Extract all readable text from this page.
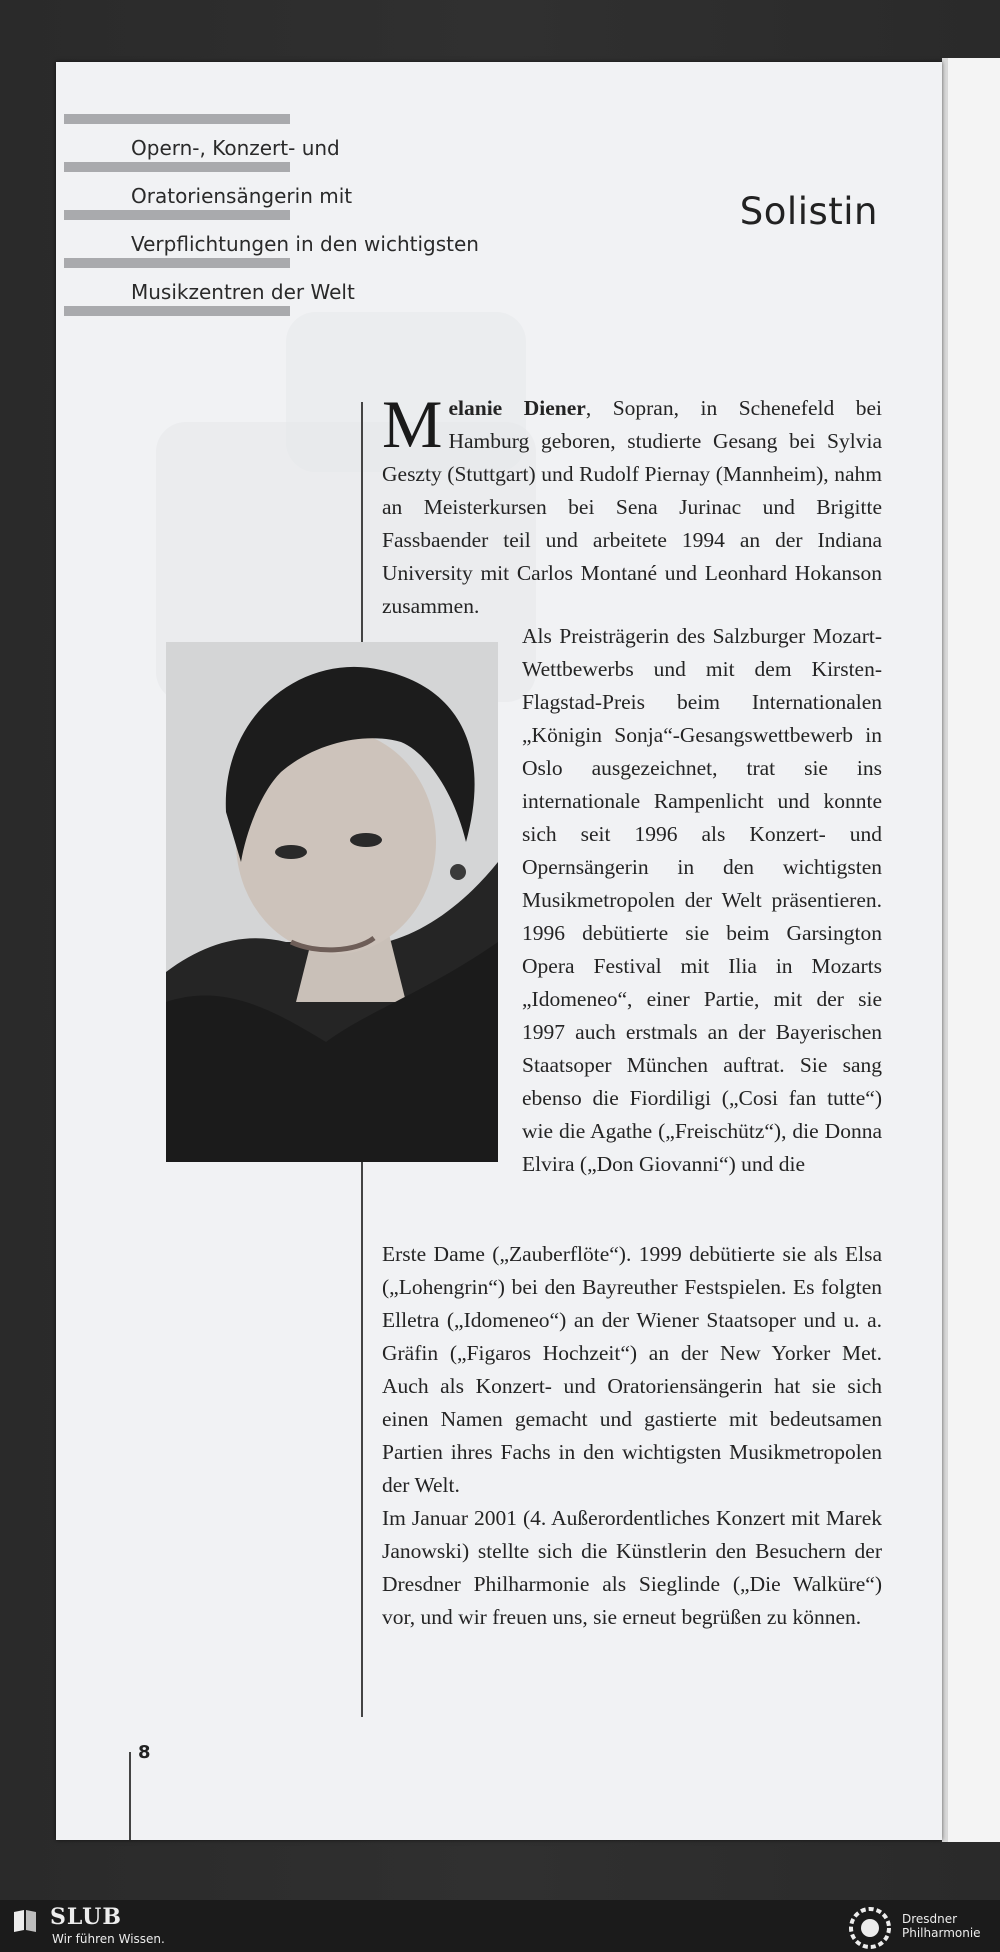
Opern-, Konzert- und
Oratoriensängerin mit
Verpflichtungen in den wichtigsten
Musikzentren der Welt
Solistin

Melanie Diener, Sopran, in Schenefeld bei Hamburg geboren, studierte Gesang bei Sylvia Geszty (Stuttgart) und Rudolf Piernay (Mannheim), nahm an Meisterkursen bei Sena Jurinac und Brigitte Fassbaender teil und arbeitete 1994 an der Indiana University mit Carlos Montané und Leonhard Hokanson zusammen.

Als Preisträgerin des Salzburger Mozart-Wettbewerbs und mit dem Kirsten-Flagstad-Preis beim Internationalen „Königin Sonja“-Gesangswettbewerb in Oslo ausgezeichnet, trat sie ins internationale Rampenlicht und konnte sich seit 1996 als Konzert- und Opernsängerin in den wichtigsten Musikmetropolen der Welt präsentieren. 1996 debütierte sie beim Garsington Opera Festival mit Ilia in Mozarts „Idomeneo“, einer Partie, mit der sie 1997 auch erstmals an der Bayerischen Staatsoper München auftrat. Sie sang ebenso die Fiordiligi („Cosi fan tutte“) wie die Agathe („Freischütz“), die Donna Elvira („Don Giovanni“) und die

Erste Dame („Zauberflöte“). 1999 debütierte sie als Elsa („Lohengrin“) bei den Bayreuther Festspielen. Es folgten Elletra („Idomeneo“) an der Wiener Staatsoper und u. a. Gräfin („Figaros Hochzeit“) an der New Yorker Met. Auch als Konzert- und Oratoriensängerin hat sie sich einen Namen gemacht und gastierte mit bedeutsamen Partien ihres Fachs in den wichtigsten Musikmetropolen der Welt.

Im Januar 2001 (4. Außerordentliches Konzert mit Marek Janowski) stellte sich die Künstlerin den Besuchern der Dresdner Philharmonie als Sieglinde („Die Walküre“) vor, und wir freuen uns, sie erneut begrüßen zu können.

8
SLUB
Wir führen Wissen.
Dresdner
Philharmonie
